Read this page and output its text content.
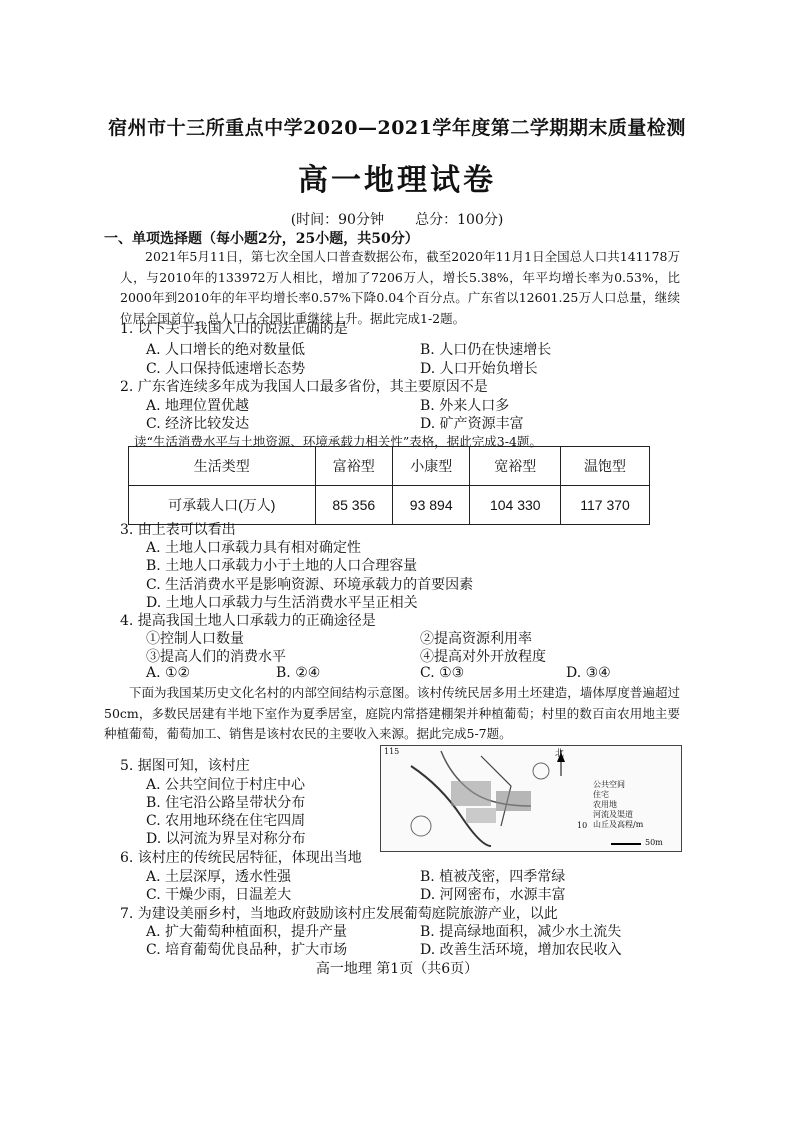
宿州市十三所重点中学2020—2021学年度第二学期期末质量检测
高一地理试卷
(时间：90分钟 总分：100分)
一、单项选择题（每小题2分，25小题，共50分）
2021年5月11日，第七次全国人口普查数据公布，截至2020年11月1日全国总人口共141178万人，与2010年的133972万人相比，增加了7206万人，增长5.38%，年平均增长率为0.53%，比2000年到2010年的年平均增长率0.57%下降0.04个百分点。广东省以12601.25万人口总量，继续位居全国首位，总人口占全国比重继续上升。据此完成1-2题。
1. 以下关于我国人口的说法正确的是
A. 人口增长的绝对数量低	B. 人口仍在快速增长
C. 人口保持低速增长态势	D. 人口开始负增长
2. 广东省连续多年成为我国人口最多省份，其主要原因不是
A. 地理位置优越	B. 外来人口多
C. 经济比较发达	D. 矿产资源丰富
读“生活消费水平与土地资源、环境承载力相关性”表格，据此完成3-4题。
生活类型	富裕型	小康型	宽裕型	温饱型
可承载人口(万人)	85 356	93 894	104 330	117 370
3. 由上表可以看出
A. 土地人口承载力具有相对确定性
B. 土地人口承载力小于土地的人口合理容量
C. 生活消费水平是影响资源、环境承载力的首要因素
D. 土地人口承载力与生活消费水平呈正相关
4. 提高我国土地人口承载力的正确途径是
①控制人口数量	②提高资源利用率
③提高人们的消费水平	④提高对外开放程度
A. ①②	B. ②④	C. ①③	D. ③④
下面为我国某历史文化名村的内部空间结构示意图。该村传统民居多用土坯建造，墙体厚度普遍超过50cm，多数民居建有半地下室作为夏季居室，庭院内常搭建棚架并种植葡萄；村里的数百亩农用地主要种植葡萄，葡萄加工、销售是该村农民的主要收入来源。据此完成5-7题。
5. 据图可知，该村庄
A. 公共空间位于村庄中心
B. 住宅沿公路呈带状分布
C. 农用地环绕在住宅四周
D. 以河流为界呈对称分布
115	北
公共空间
住宅
农用地
河流及渠道
山丘及高程/m
10
50m
6. 该村庄的传统民居特征，体现出当地
A. 土层深厚，透水性强	B. 植被茂密，四季常绿
C. 干燥少雨，日温差大	D. 河网密布，水源丰富
7. 为建设美丽乡村，当地政府鼓励该村庄发展葡萄庭院旅游产业，以此
A. 扩大葡萄种植面积，提升产量	B. 提高绿地面积，减少水土流失
C. 培育葡萄优良品种，扩大市场	D. 改善生活环境，增加农民收入
高一地理 第1页（共6页）
